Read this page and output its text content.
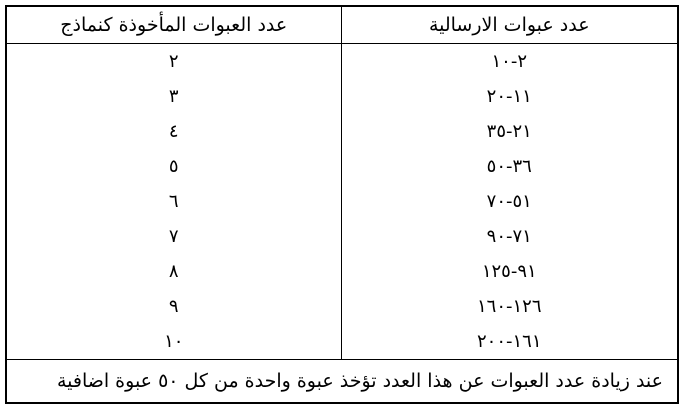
عدد عبوات الارسالية	عدد العبوات المأخوذة كنماذج
٢-١٠	٢
١١-٢٠	٣
٢١-٣٥	٤
٣٦-٥٠	٥
٥١-٧٠	٦
٧١-٩٠	٧
٩١-١٢٥	٨
١٢٦-١٦٠	٩
١٦١-٢٠٠	١٠
عند زيادة عدد العبوات عن هذا العدد تؤخذ عبوة واحدة من كل ٥٠ عبوة اضافية	
